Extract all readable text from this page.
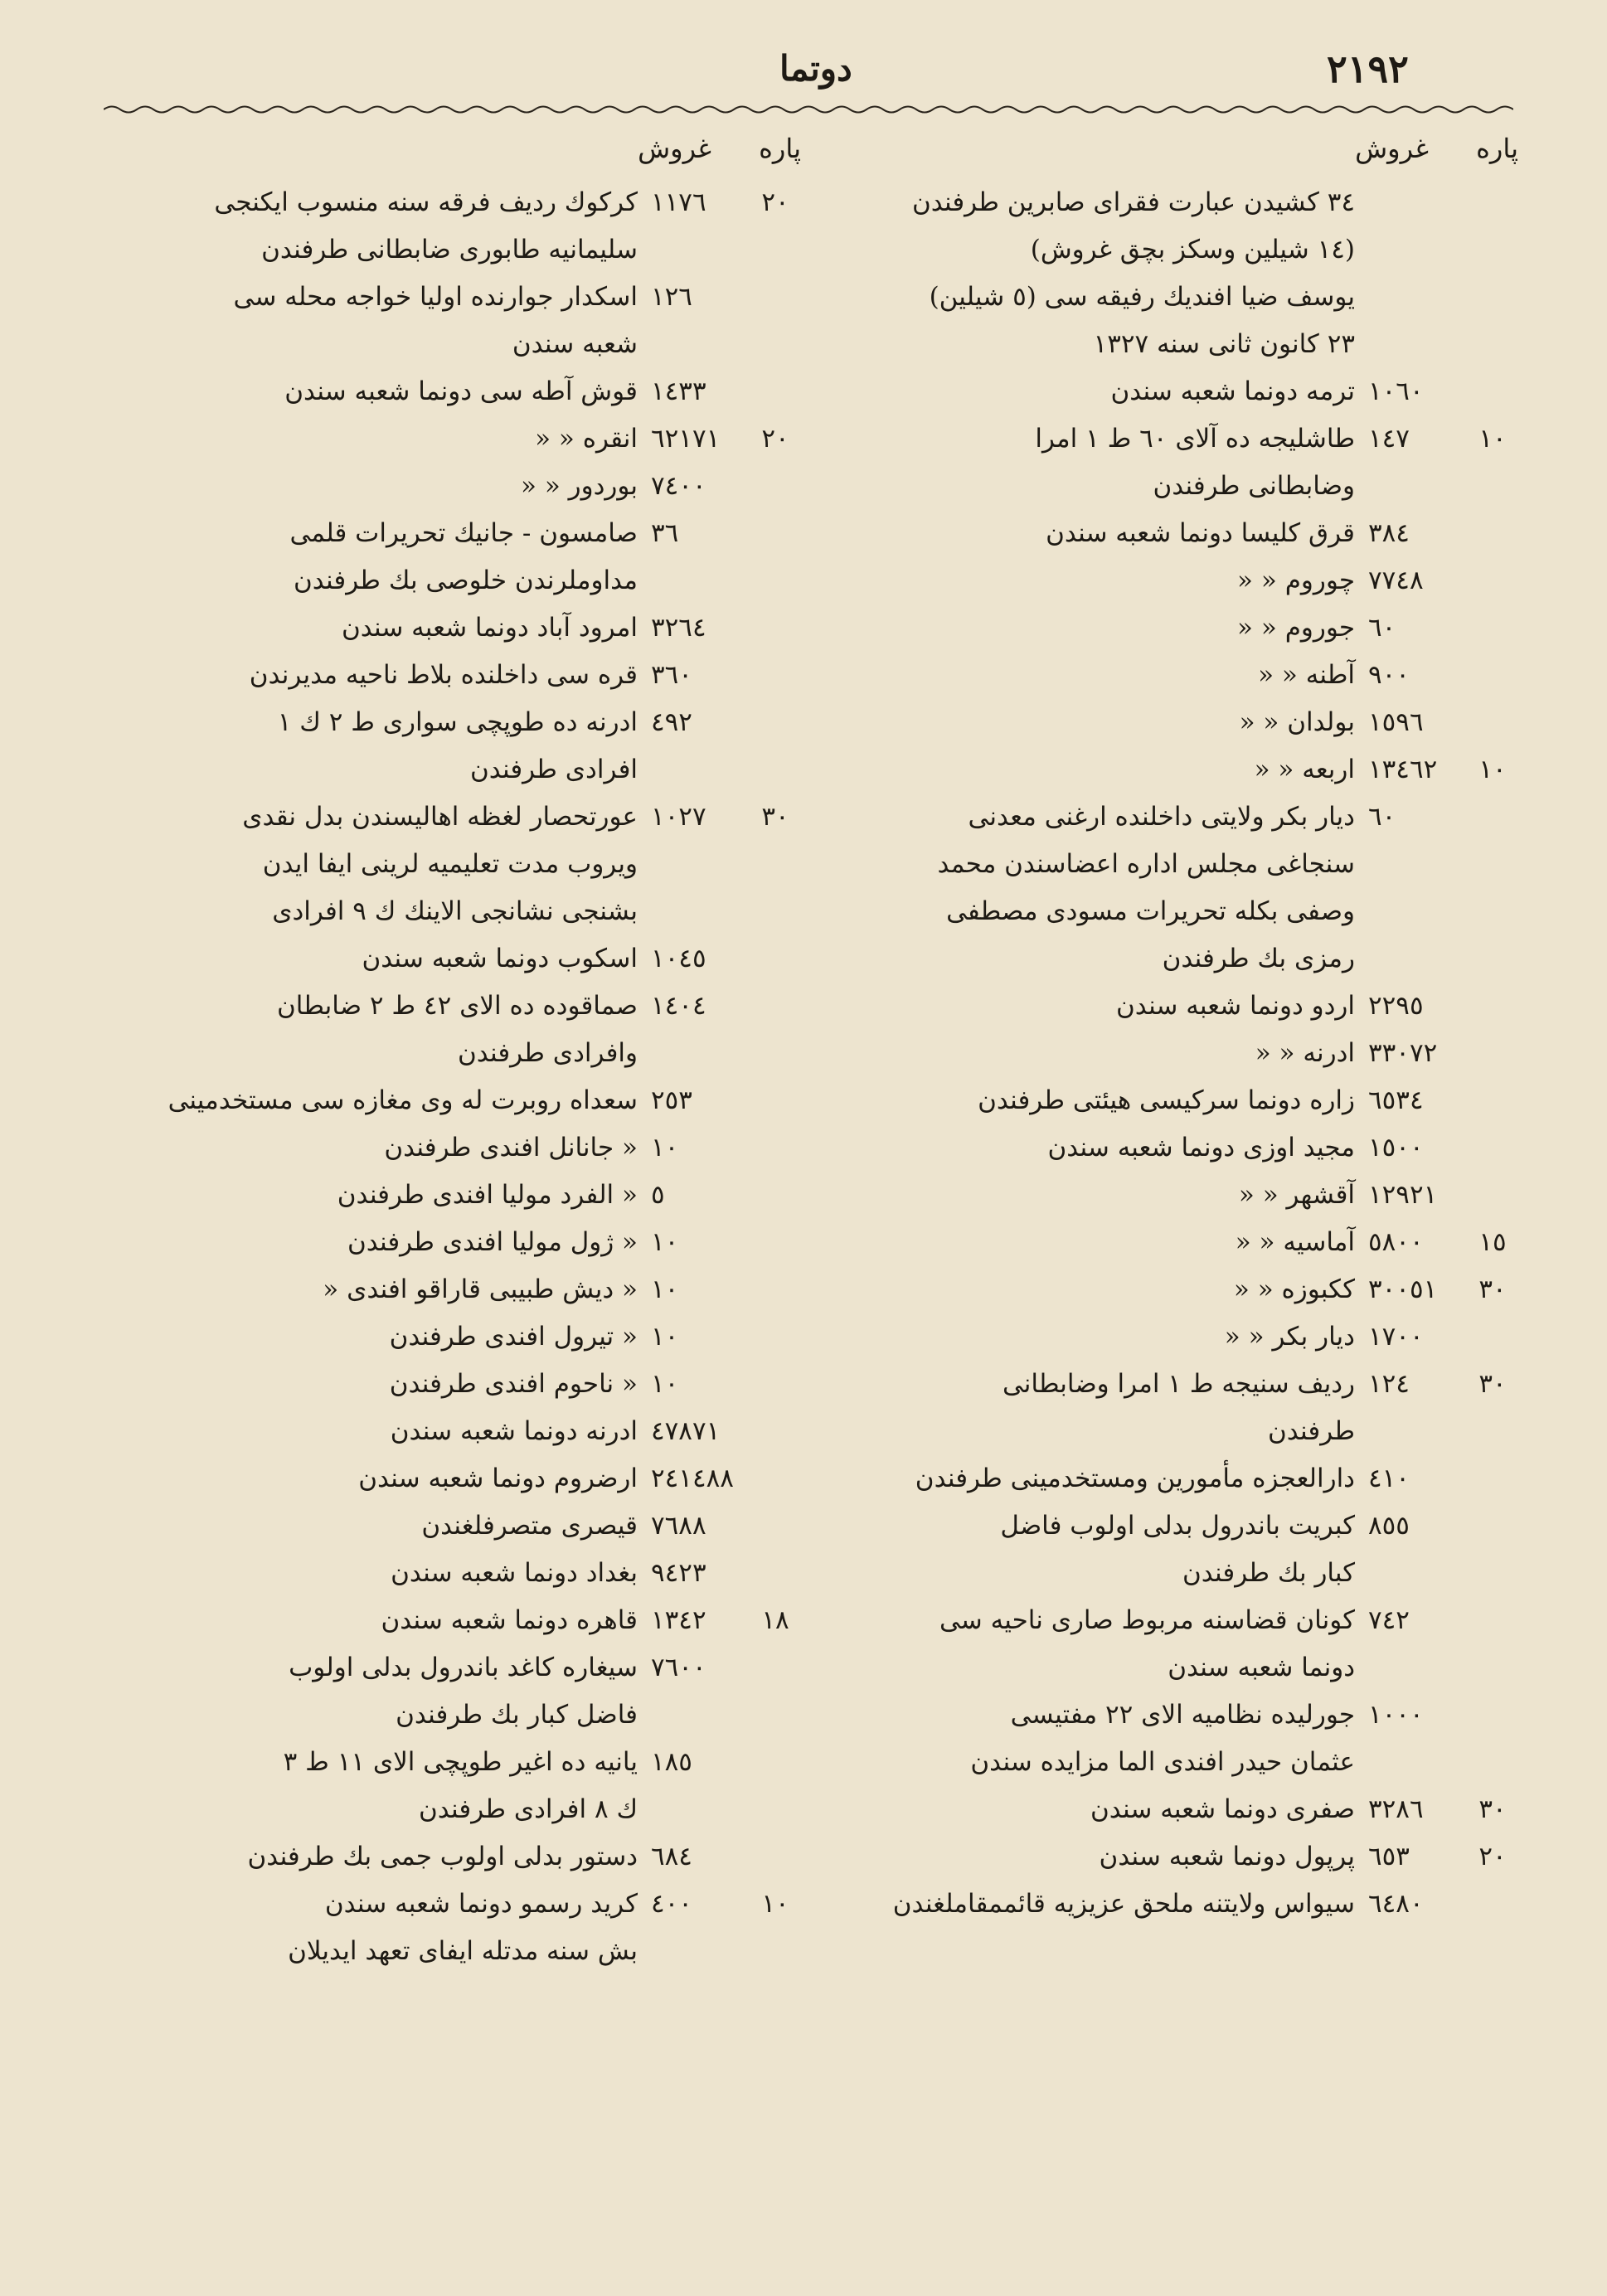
٢١٩٢
دوتما
پاره
غروش
٣٤ كشيدن عبارت فقراى صابرين طرفندن
(١٤ شيلين وسكز بچق غروش)
يوسف ضيا افنديك رفيقه سى (٥ شيلين)
٢٣ كانون ثانى سنه ١٣٢٧
١٠٦٠
ترمه دونما شعبه سندن
١٠
١٤٧
طاشليجه ده آلاى ٦٠ ط ١ امرا
وضابطانى طرفندن
٣٨٤
قرق كليسا دونما شعبه سندن
٧٧٤٨
چوروم « «
٦٠
جوروم « «
٩٠٠
آطنه « «
١٥٩٦
بولدان « «
١٠
١٣٤٦٢
اربعه « «
٦٠
ديار بكر ولايتى داخلنده ارغنى معدنى
سنجاغى مجلس اداره اعضاسندن محمد
وصفى بكله تحريرات مسودى مصطفى
رمزى بك طرفندن
٢٢٩٥
اردو دونما شعبه سندن
٣٣٠٧٢
ادرنه « «
٦٥٣٤
زاره دونما سركيسى هيئتى طرفندن
١٥٠٠
مجيد اوزى دونما شعبه سندن
١٢٩٢١
آقشهر « «
١٥
٥٨٠٠
آماسيه « «
٣٠
٣٠٠٥١
ككبوزه « «
١٧٠٠
ديار بكر « «
٣٠
١٢٤
رديف سنيجه ط ١ امرا وضابطانى
طرفندن
٤١٠
دارالعجزه مأمورين ومستخدمينى طرفندن
٨٥٥
كبريت باندرول بدلى اولوب فاضل
كبار بك طرفندن
٧٤٢
كونان قضاسنه مربوط صارى ناحيه سى
دونما شعبه سندن
١٠٠٠
جورليده نظاميه الاى ٢٢ مفتيسى
عثمان حيدر افندى الما مزايده سندن
٣٠
٣٢٨٦
صفرى دونما شعبه سندن
٢٠
٦٥٣
پرپول دونما شعبه سندن
٦٤٨٠
سيواس ولايتنه ملحق عزيزيه قائممقاملغندن
پاره
غروش
٢٠
١١٧٦
كركوك رديف فرقه سنه منسوب ايكنجى
سليمانيه طابورى ضابطانى طرفندن
١٢٦
اسكدار جوارنده اوليا خواجه محله سى
شعبه سندن
١٤٣٣
قوش آطه سى دونما شعبه سندن
٢٠
٦٢١٧١
انقره « «
٧٤٠٠
بوردور « «
٣٦
صامسون - جانيك تحريرات قلمى
مداوملرندن خلوصى بك طرفندن
٣٢٦٤
امرود آباد دونما شعبه سندن
٣٦٠
قره سى داخلنده بلاط ناحيه مديرندن
٤٩٢
ادرنه ده طوپچى سوارى ط ٢ ك ١
افرادى طرفندن
٣٠
١٠٢٧
عورتحصار لغظه اهاليسندن بدل نقدى
ويروب مدت تعليميه لرينى ايفا ايدن
بشنجى نشانجى الاينك ك ٩ افرادى
١٠٤٥
اسكوب دونما شعبه سندن
١٤٠٤
صماقوده ده الاى ٤٢ ط ٢ ضابطان
وافرادى طرفندن
٢٥٣
سعداه روبرت له وى مغازه سى مستخدمينى
١٠
« جانانل افندى طرفندن
٥
« الفرد موليا افندى طرفندن
١٠
« ژول موليا افندى طرفندن
١٠
« ديش طبيبى قاراقو افندى «
١٠
« تيرول افندى طرفندن
١٠
« ناحوم افندى طرفندن
٤٧٨٧١
ادرنه دونما شعبه سندن
٢٤١٤٨٨
ارضروم دونما شعبه سندن
٧٦٨٨
قيصرى متصرفلغندن
٩٤٢٣
بغداد دونما شعبه سندن
١٨
١٣٤٢
قاهره دونما شعبه سندن
٧٦٠٠
سيغاره كاغد باندرول بدلى اولوب
فاضل كبار بك طرفندن
١٨٥
يانيه ده اغير طوپچى الاى ١١ ط ٣
ك ٨ افرادى طرفندن
٦٨٤
دستور بدلى اولوب جمى بك طرفندن
١٠
٤٠٠
كريد رسمو دونما شعبه سندن
بش سنه مدتله ايفاى تعهد ايديلان
